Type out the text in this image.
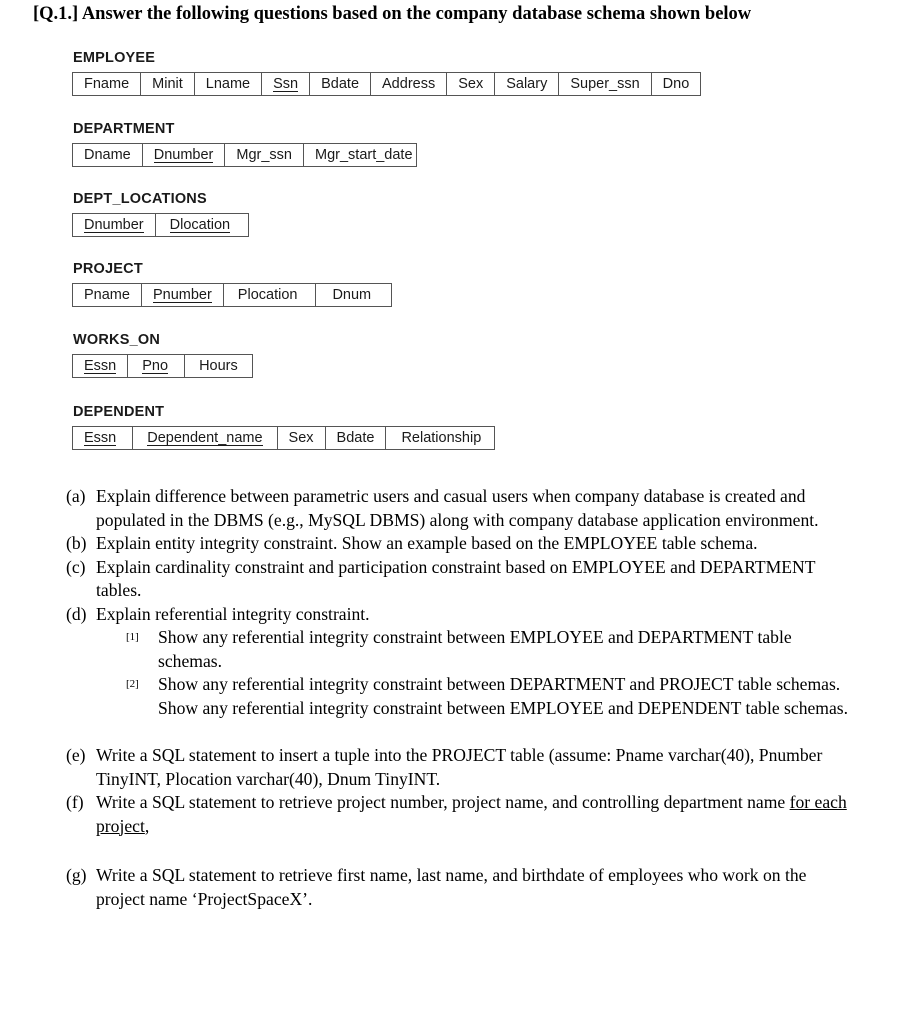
[Q.1.] Answer the following questions based on the company database schema shown below
EMPLOYEE
Fname Minit Lname Ssn Bdate Address Sex Salary Super_ssn Dno
DEPARTMENT
Dname Dnumber Mgr_ssn Mgr_start_date
DEPT_LOCATIONS
Dnumber Dlocation
PROJECT
Pname Pnumber Plocation Dnum
WORKS_ON
Essn Pno Hours
DEPENDENT
Essn Dependent_name Sex Bdate Relationship
(a) Explain difference between parametric users and casual users when company database is created and populated in the DBMS (e.g., MySQL DBMS) along with company database application environment.
(b) Explain entity integrity constraint. Show an example based on the EMPLOYEE table schema.
(c) Explain cardinality constraint and participation constraint based on EMPLOYEE and DEPARTMENT tables.
(d) Explain referential integrity constraint.
[1]	Show any referential integrity constraint between EMPLOYEE and DEPARTMENT table schemas.
[2]	Show any referential integrity constraint between DEPARTMENT and PROJECT table schemas.
Show any referential integrity constraint between EMPLOYEE and DEPENDENT table schemas.
(e) Write a SQL statement to insert a tuple into the PROJECT table (assume: Pname varchar(40), Pnumber TinyINT, Plocation varchar(40), Dnum TinyINT.
(f) Write a SQL statement to retrieve project number, project name, and controlling department name for each project,
(g) Write a SQL statement to retrieve first name, last name, and birthdate of employees who work on the project name ‘ProjectSpaceX’.
